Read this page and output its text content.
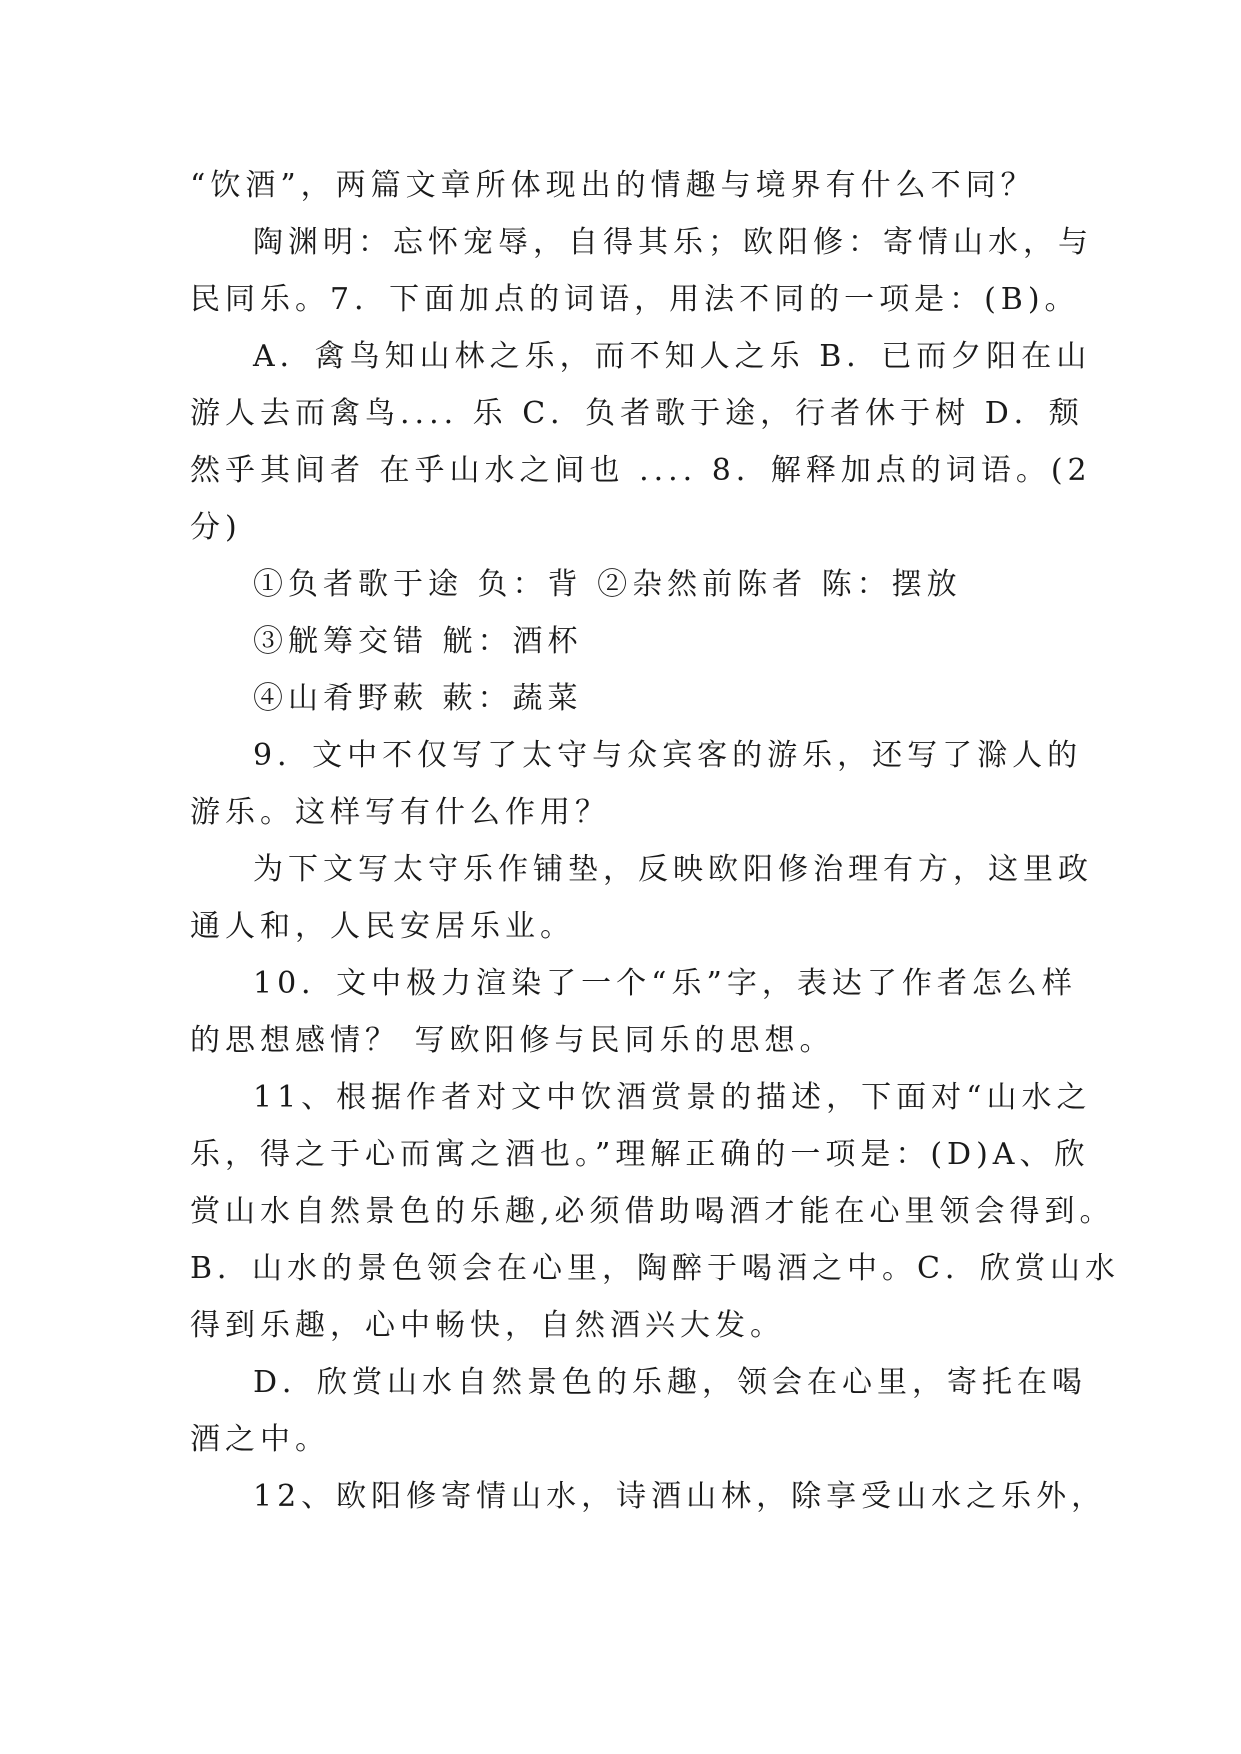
“饮酒”，两篇文章所体现出的情趣与境界有什么不同？
陶渊明：忘怀宠辱，自得其乐；欧阳修：寄情山水，与
民同乐。7．下面加点的词语，用法不同的一项是：(B)。
A．禽鸟知山林之乐，而不知人之乐 B．已而夕阳在山
游人去而禽鸟.... 乐 C．负者歌于途，行者休于树 D．颓
然乎其间者 在乎山水之间也 .... 8．解释加点的词语。(2
分)
①负者歌于途 负：背 ②杂然前陈者 陈：摆放
③觥筹交错 觥：酒杯
④山肴野蔌 蔌：蔬菜
9．文中不仅写了太守与众宾客的游乐，还写了滁人的
游乐。这样写有什么作用？
为下文写太守乐作铺垫，反映欧阳修治理有方，这里政
通人和，人民安居乐业。
10．文中极力渲染了一个“乐”字，表达了作者怎么样
的思想感情？ 写欧阳修与民同乐的思想。
11、根据作者对文中饮酒赏景的描述，下面对“山水之
乐，得之于心而寓之酒也。”理解正确的一项是：(D)A、欣
赏山水自然景色的乐趣,必须借助喝酒才能在心里领会得到。
B．山水的景色领会在心里，陶醉于喝酒之中。C．欣赏山水
得到乐趣，心中畅快，自然酒兴大发。
D．欣赏山水自然景色的乐趣，领会在心里，寄托在喝
酒之中。
12、欧阳修寄情山水，诗酒山林，除享受山水之乐外，
